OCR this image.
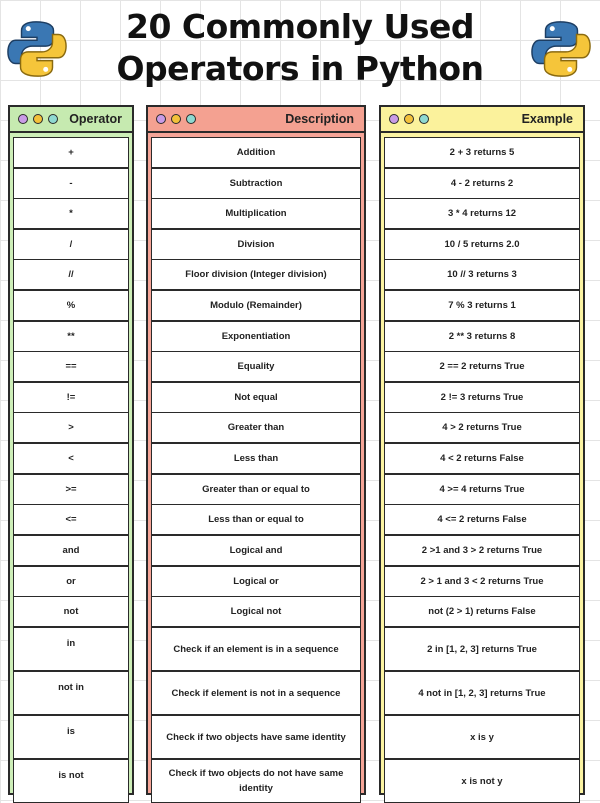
20 Commonly Used
Operators in Python
Operator
+
-
*
/
//
%
**
==
!=
>
<
>=
<=
and
or
not
in
not in
is
is not
Description
Addition
Subtraction
Multiplication
Division
Floor division (Integer division)
Modulo (Remainder)
Exponentiation
Equality
Not equal
Greater than
Less than
Greater than or equal to
Less than or equal to
Logical and
Logical or
Logical not
Check if an element is in a sequence
Check if element is not in a sequence
Check if two objects have same identity
Check if two objects do not have same identity
Example
2 + 3 returns 5
4 - 2 returns 2
3 * 4 returns 12
10 / 5 returns 2.0
10 // 3 returns 3
7 % 3 returns 1
2 ** 3 returns 8
2 == 2 returns True
2 != 3 returns True
4 > 2 returns True
4 < 2 returns False
4 >= 4 returns True
4 <= 2 returns False
2 >1 and 3 > 2 returns True
2 > 1 and 3 < 2 returns True
not (2 > 1) returns False
2 in [1, 2, 3] returns True
4 not in [1, 2, 3] returns True
x is y
x is not y
